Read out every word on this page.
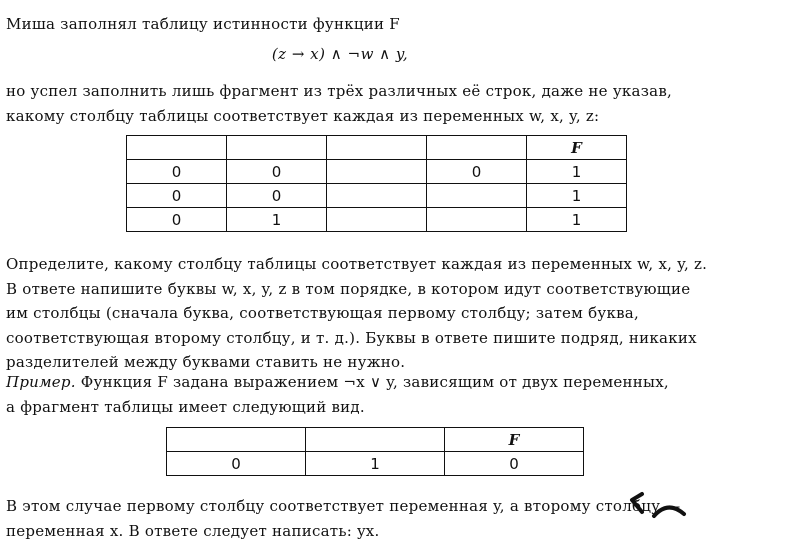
Миша заполнял таблицу истинности функции F
(z → x) ∧ ¬w ∧ y,
но успел заполнить лишь фрагмент из трёх различных её строк, даже не указав,
какому столбцу таблицы соответствует каждая из переменных w, x, y, z:
				F
0	0		0	1
0	0			1
0	1			1
Определите, какому столбцу таблицы соответствует каждая из переменных w, x, y, z.
В ответе напишите буквы w, x, y, z в том порядке, в котором идут соответствующие
им столбцы (сначала буква, соответствующая первому столбцу; затем буква,
соответствующая второму столбцу, и т. д.). Буквы в ответе пишите подряд, никаких
разделителей между буквами ставить не нужно.
Пример. Функция F задана выражением ¬x ∨ y, зависящим от двух переменных,
а фрагмент таблицы имеет следующий вид.
		F
0	1	0
В этом случае первому столбцу соответствует переменная y, а второму столбцу —
переменная x. В ответе следует написать: yx.
